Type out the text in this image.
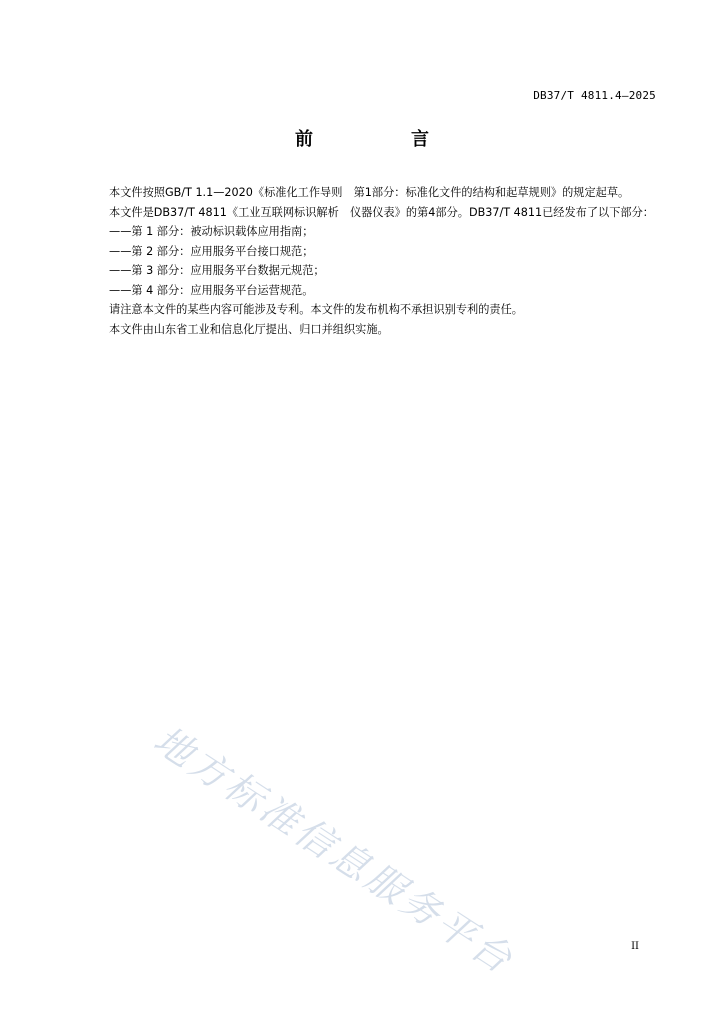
DB37/T 4811.4—2025
前　言

本文件按照GB/T 1.1—2020《标准化工作导则　第1部分：标准化文件的结构和起草规则》的规定起草。

本文件是DB37/T 4811《工业互联网标识解析　仪器仪表》的第4部分。DB37/T 4811已经发布了以下部分：

——第 1 部分：被动标识载体应用指南；

——第 2 部分：应用服务平台接口规范；

——第 3 部分：应用服务平台数据元规范；

——第 4 部分：应用服务平台运营规范。

请注意本文件的某些内容可能涉及专利。本文件的发布机构不承担识别专利的责任。

本文件由山东省工业和信息化厅提出、归口并组织实施。

地方标准信息服务平台	II
